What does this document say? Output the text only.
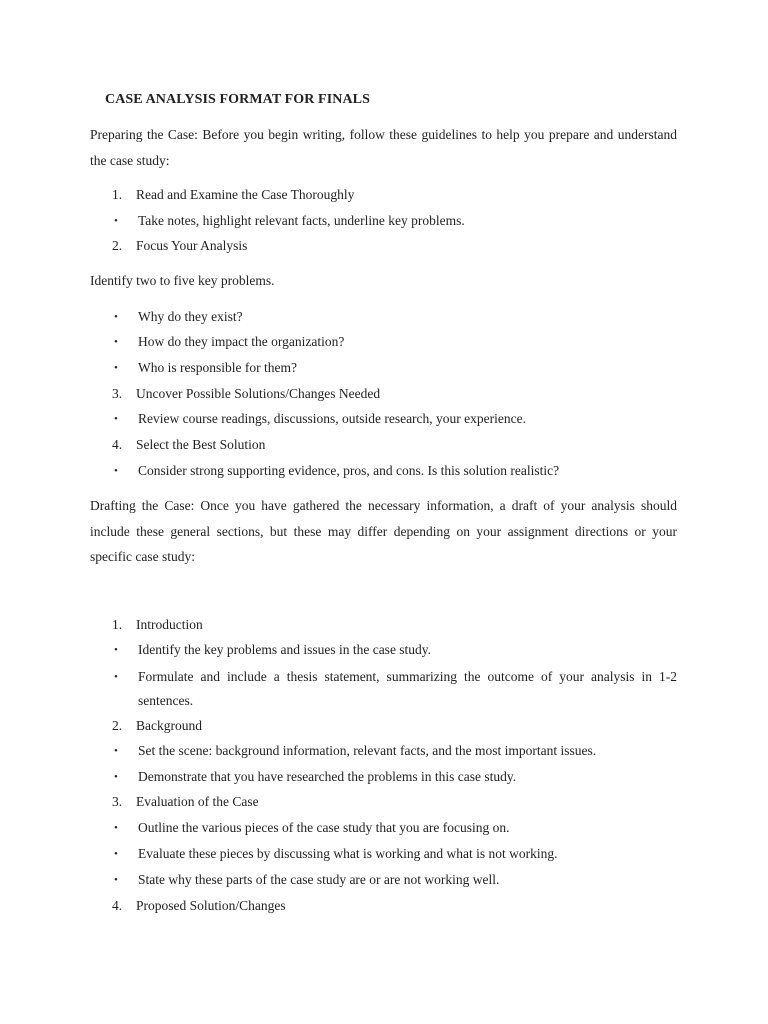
CASE ANALYSIS FORMAT FOR FINALS
Preparing the Case: Before you begin writing, follow these guidelines to help you prepare and understand the case study:
1.	Read and Examine the Case Thoroughly
•	Take notes, highlight relevant facts, underline key problems.
2.	Focus Your Analysis
Identify two to five key problems.
•	Why do they exist?
•	How do they impact the organization?
•	Who is responsible for them?
3.	Uncover Possible Solutions/Changes Needed
•	Review course readings, discussions, outside research, your experience.
4.	Select the Best Solution
•	Consider strong supporting evidence, pros, and cons. Is this solution realistic?
Drafting the Case: Once you have gathered the necessary information, a draft of your analysis should include these general sections, but these may differ depending on your assignment directions or your specific case study:
1.	Introduction
•	Identify the key problems and issues in the case study.
•	Formulate and include a thesis statement, summarizing the outcome of your analysis in 1-2 sentences.
2.	Background
•	Set the scene: background information, relevant facts, and the most important issues.
•	Demonstrate that you have researched the problems in this case study.
3.	Evaluation of the Case
•	Outline the various pieces of the case study that you are focusing on.
•	Evaluate these pieces by discussing what is working and what is not working.
•	State why these parts of the case study are or are not working well.
4.	Proposed Solution/Changes
